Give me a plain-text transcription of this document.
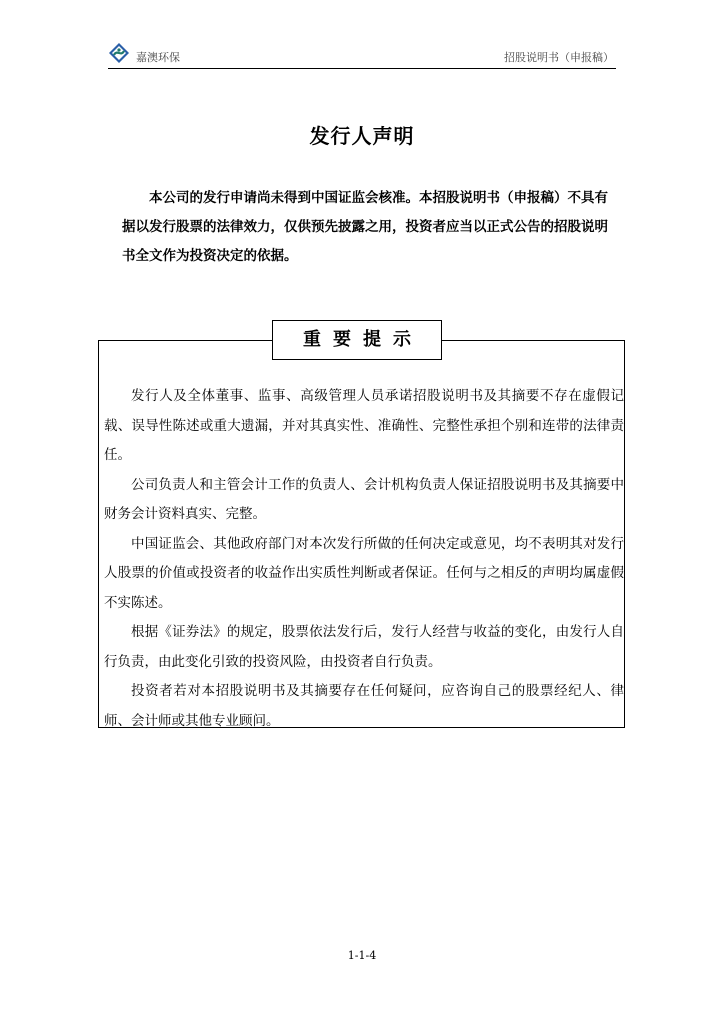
嘉澳环保	招股说明书（申报稿）
发行人声明

本公司的发行申请尚未得到中国证监会核准。本招股说明书（申报稿）不具有据以发行股票的法律效力，仅供预先披露之用，投资者应当以正式公告的招股说明书全文作为投资决定的依据。

重要提示

发行人及全体董事、监事、高级管理人员承诺招股说明书及其摘要不存在虚假记载、误导性陈述或重大遗漏，并对其真实性、准确性、完整性承担个别和连带的法律责任。

公司负责人和主管会计工作的负责人、会计机构负责人保证招股说明书及其摘要中财务会计资料真实、完整。

中国证监会、其他政府部门对本次发行所做的任何决定或意见，均不表明其对发行人股票的价值或投资者的收益作出实质性判断或者保证。任何与之相反的声明均属虚假不实陈述。

根据《证券法》的规定，股票依法发行后，发行人经营与收益的变化，由发行人自行负责，由此变化引致的投资风险，由投资者自行负责。

投资者若对本招股说明书及其摘要存在任何疑问，应咨询自己的股票经纪人、律师、会计师或其他专业顾问。

1-1-4
